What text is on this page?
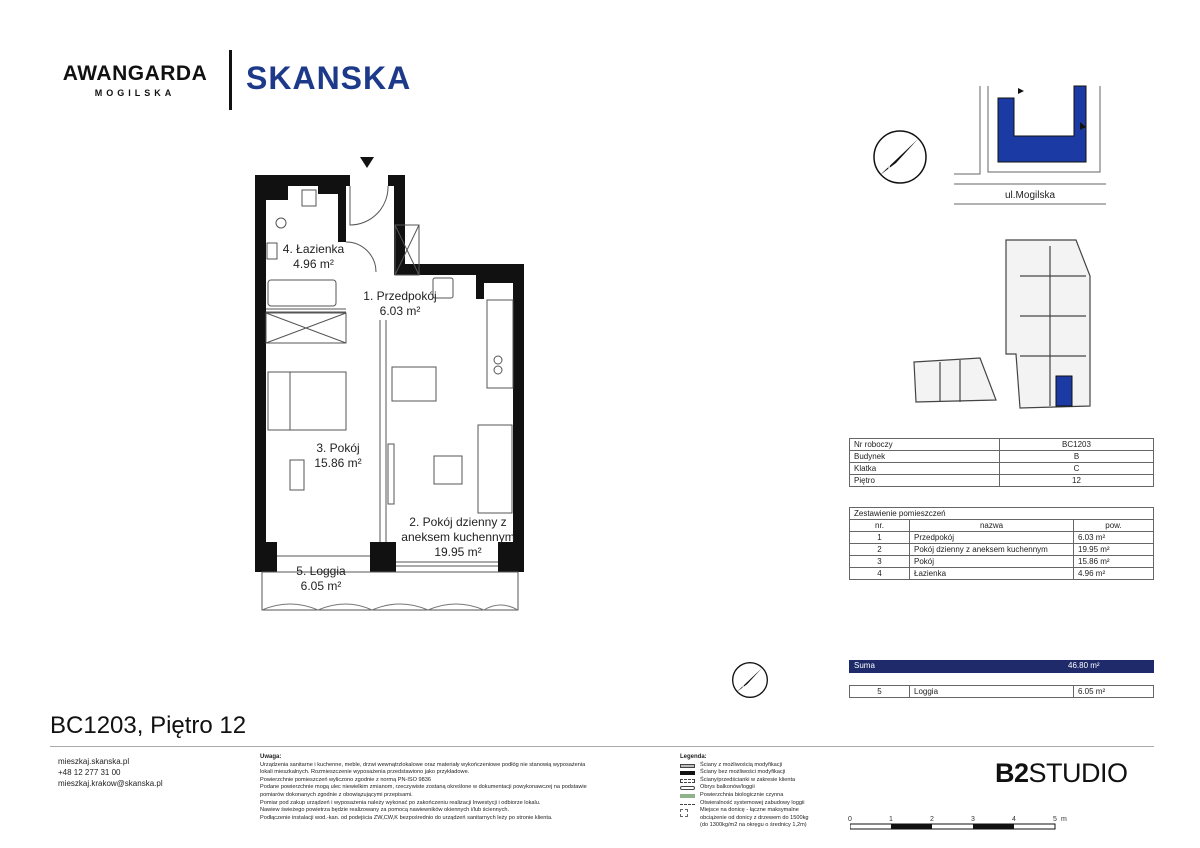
AWANGARDA
MOGILSKA	SKANSKA
1. Przedpokój
6.03 m²
2. Pokój dzienny z
aneksem kuchennym
19.95 m²
3. Pokój
15.86 m²
4. Łazienka
4.96 m²
5. Loggia
6.05 m²
N
ul.Mogilska
Nr roboczy	BC1203
Budynek	B
Klatka	C
Piętro	12
Zestawienie pomieszczeń
nr.	nazwa	pow.
1	Przedpokój	6.03 m²
2	Pokój dzienny z aneksem kuchennym	19.95 m²
3	Pokój	15.86 m²
4	Łazienka	4.96 m²
N
Suma	46.80 m²
5	Loggia	6.05 m²
BC1203, Piętro 12
mieszkaj.skanska.pl
+48 12 277 31 00
mieszkaj.krakow@skanska.pl
Uwaga:
Urządzenia sanitarne i kuchenne, meble, drzwi wewnątrzlokalowe oraz materiały wykończeniowe podłóg nie stanowią wyposażenia
lokali mieszkalnych. Rozmieszczenie wyposażenia przedstawiono jako przykładowe.
Powierzchnie pomieszczeń wyliczono zgodnie z normą PN-ISO 9836
Podane powierzchnie mogą ulec niewielkim zmianom, rzeczywiste zostaną określone w dokumentacji powykonawczej na podstawie
pomiarów dokonanych zgodnie z obowiązującymi przepisami.
Pomiar pod zakup urządzeń i wyposażenia należy wykonać po zakończeniu realizacji Inwestycji i odbiorze lokalu.
Nawiew świeżego powietrza będzie realizowany za pomocą nawiewników okiennych i/lub ściennych.
Podłączenie instalacji wod.-kan. od podejścia ZW,CW,K bezpośrednio do urządzeń sanitarnych leży po stronie klienta.
Legenda:
Ściany z możliwością modyfikacji
Ściany bez możliwości modyfikacji
Ściany/przedścianki w zakresie klienta
Obrys balkonów/loggii
Powierzchnia biologicznie czynna
Otwieralność systemowej zabudowy loggii
Miejsce na donicę - łączne maksymalne
obciążenie od donicy z drzewem do 1500kg
(do 1300kg/m2 na okręgu o średnicy 1,2m)
B2STUDIO
0	1	2	3	4	5 m
